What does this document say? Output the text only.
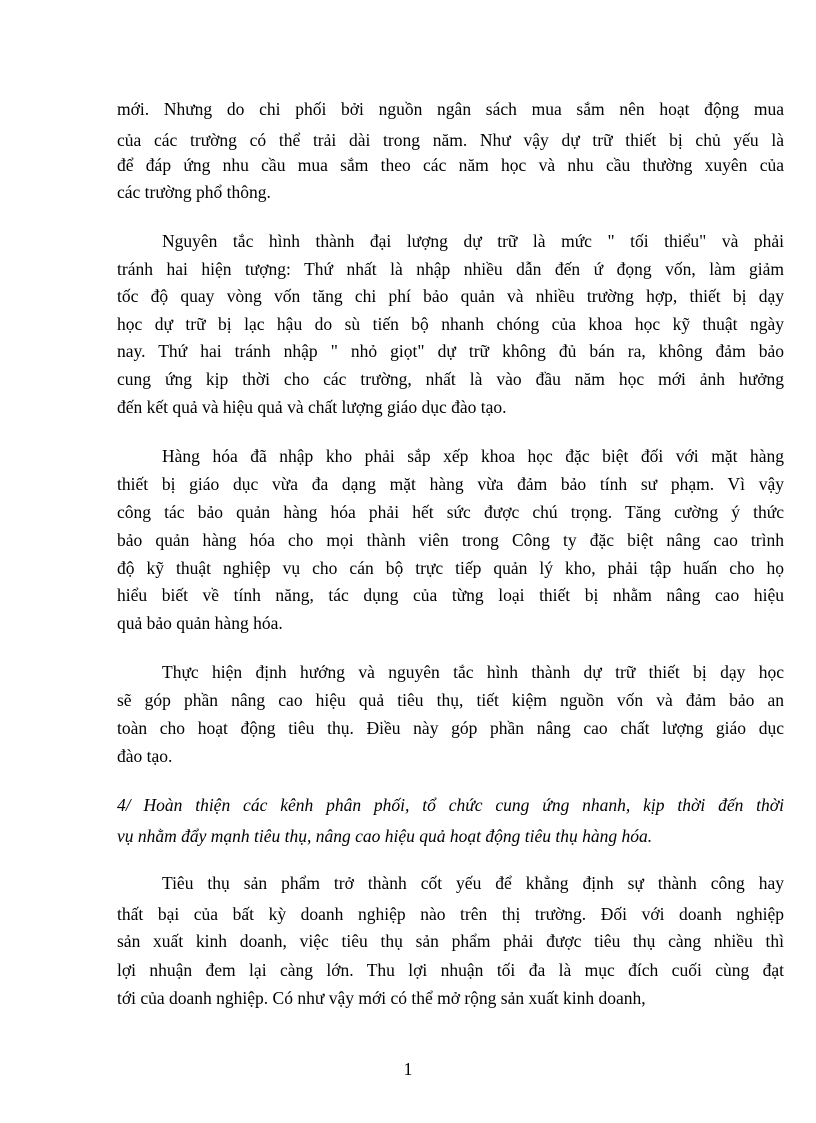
mới. Nhưng do chi phối bởi nguồn ngân sách mua sắm nên hoạt động mua
của các trường có thể trải dài trong năm. Như vậy dự trữ thiết bị chủ yếu là
để đáp ứng nhu cầu mua sắm theo các năm học và nhu cầu thường xuyên của
các trường phổ thông.
Nguyên tắc hình thành đại lượng dự trữ là mức " tối thiểu" và phải
tránh hai hiện tượng: Thứ nhất là nhập nhiều dẫn đến ứ đọng vốn, làm giảm
tốc độ quay vòng vốn tăng chi phí bảo quản và nhiều trường hợp, thiết bị dạy
học dự trữ bị lạc hậu do sù tiến bộ nhanh chóng của khoa học kỹ thuật ngày
nay. Thứ hai tránh nhập " nhỏ giọt" dự trữ không đủ bán ra, không đảm bảo
cung ứng kịp thời cho các trường, nhất là vào đầu năm học mới ảnh hưởng
đến kết quả và hiệu quả và chất lượng giáo dục đào tạo.
Hàng hóa đã nhập kho phải sắp xếp khoa học đặc biệt đối với mặt hàng
thiết bị giáo dục vừa đa dạng mặt hàng vừa đảm bảo tính sư phạm. Vì vậy
công tác bảo quản hàng hóa phải hết sức được chú trọng. Tăng cường ý thức
bảo quản hàng hóa cho mọi thành viên trong Công ty đặc biệt nâng cao trình
độ kỹ thuật nghiệp vụ cho cán bộ trực tiếp quản lý kho, phải tập huấn cho họ
hiểu biết về tính năng, tác dụng của từng loại thiết bị nhằm nâng cao hiệu
quả bảo quản hàng hóa.
Thực hiện định hướng và nguyên tắc hình thành dự trữ thiết bị dạy học
sẽ góp phần nâng cao hiệu quả tiêu thụ, tiết kiệm nguồn vốn và đảm bảo an
toàn cho hoạt động tiêu thụ. Điều này góp phần nâng cao chất lượng giáo dục
đào tạo.
4/ Hoàn thiện các kênh phân phối, tổ chức cung ứng nhanh, kịp thời đến thời
vụ nhằm đẩy mạnh tiêu thụ, nâng cao hiệu quả hoạt động tiêu thụ hàng hóa.
Tiêu thụ sản phẩm trở thành cốt yếu để khẳng định sự thành công hay
thất bại của bất kỳ doanh nghiệp nào trên thị trường. Đối với doanh nghiệp
sản xuất kinh doanh, việc tiêu thụ sản phẩm phải được tiêu thụ càng nhiều thì
lợi nhuận đem lại càng lớn. Thu lợi nhuận tối đa là mục đích cuối cùng đạt
tới của doanh nghiệp. Có như vậy mới có thể mở rộng sản xuất kinh doanh,
1
